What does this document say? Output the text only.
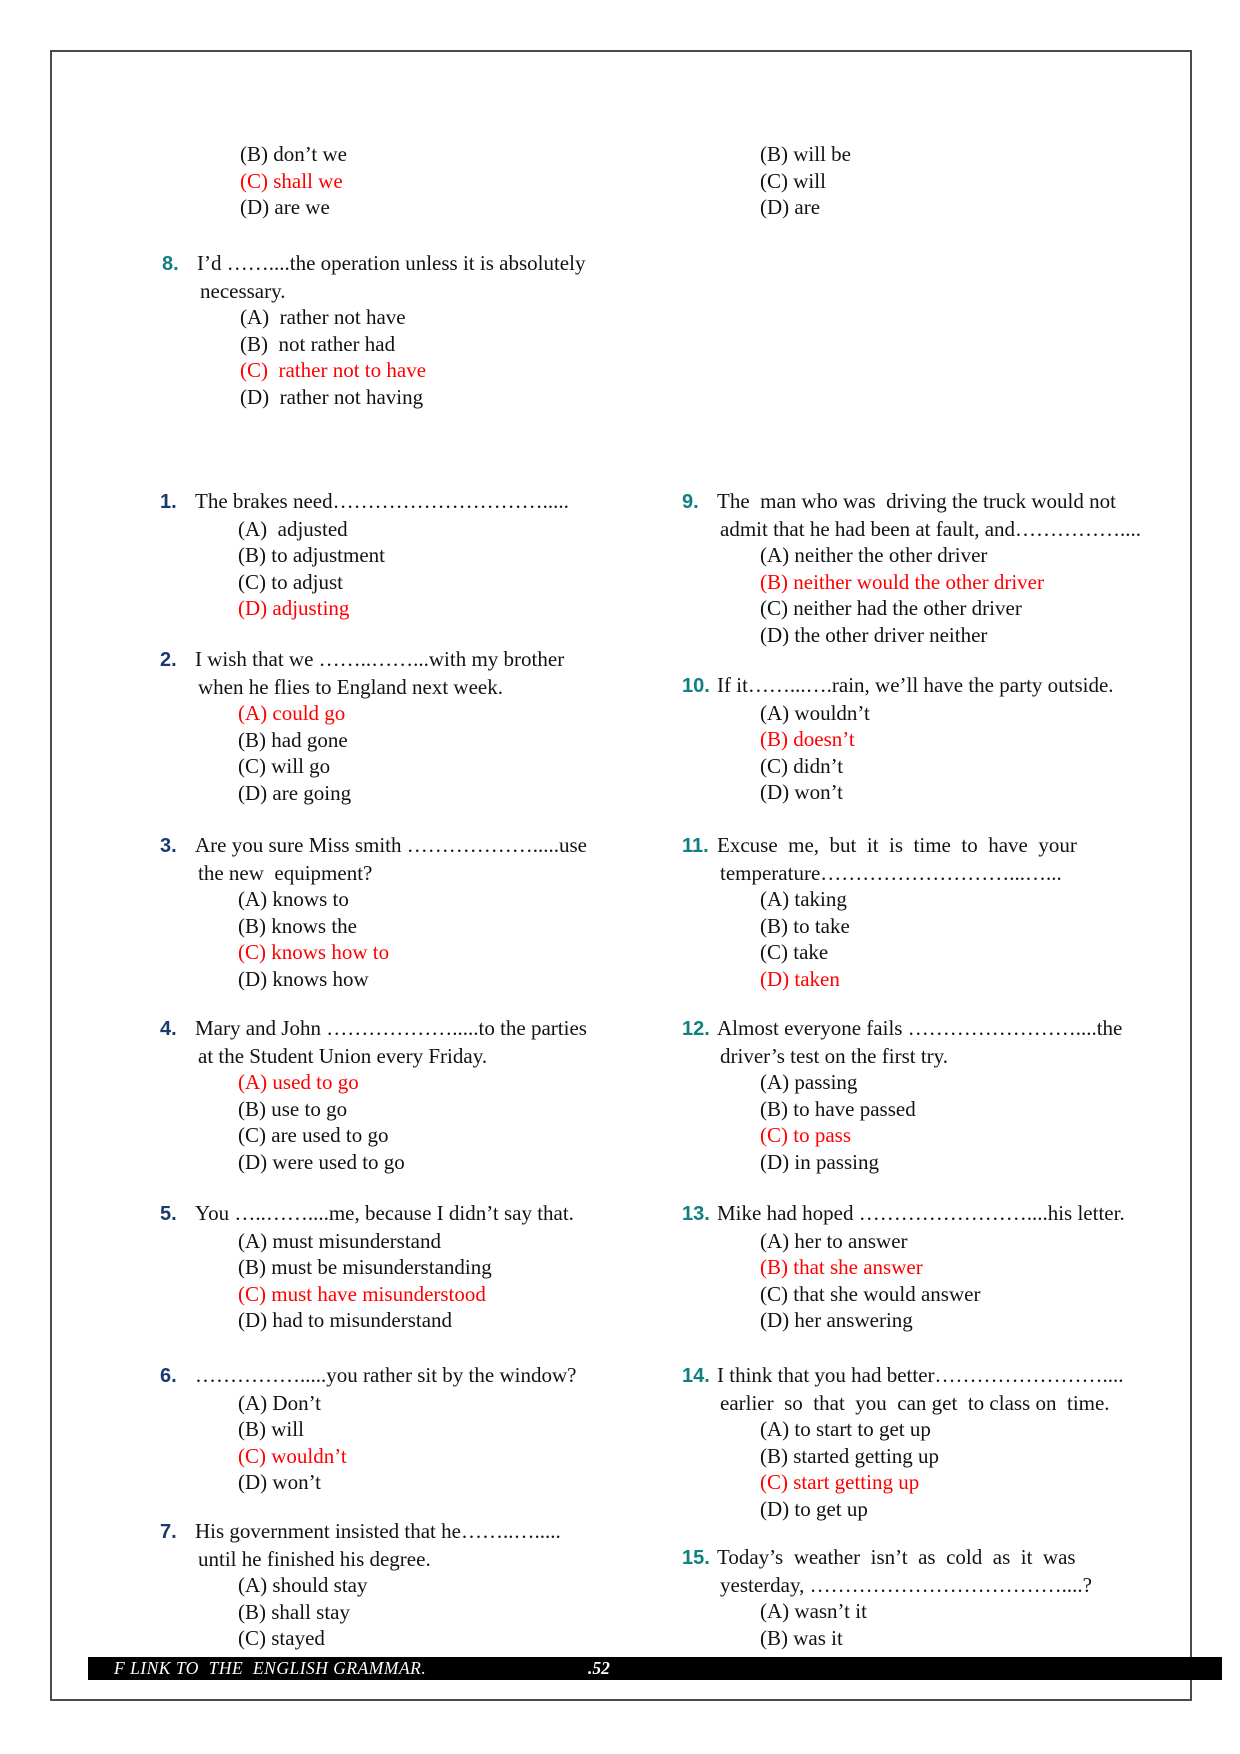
(B) don’t we
(C) shall we
(D) are we
(B) will be
(C) will
(D) are
8. I’d ……....the operation unless it is absolutely
necessary.
(A)  rather not have
(B)  not rather had
(C)  rather not to have
(D)  rather not having
1. The brakes need………………………….....
(A)  adjusted
(B) to adjustment
(C) to adjust
(D) adjusting
2. I wish that we ……..……...with my brother
when he flies to England next week.
(A) could go
(B) had gone
(C) will go
(D) are going
3. Are you sure Miss smith ……………….....use
the new  equipment?
(A) knows to
(B) knows the
(C) knows how to
(D) knows how
4. Mary and John ……………….....to the parties
at the Student Union every Friday.
(A) used to go
(B) use to go
(C) are used to go
(D) were used to go
5. You …..……....me, because I didn’t say that.
(A) must misunderstand
(B) must be misunderstanding
(C) must have misunderstood
(D) had to misunderstand
6. …………….....you rather sit by the window?
(A) Don’t
(B) will
(C) wouldn’t
(D) won’t
7. His government insisted that he……..….....
until he finished his degree.
(A) should stay
(B) shall stay
(C) stayed
9. The  man who was  driving the truck would not
admit that he had been at fault, and……………....
(A) neither the other driver
(B) neither would the other driver
(C) neither had the other driver
(D) the other driver neither
10. If it……...….rain, we’ll have the party outside.
(A) wouldn’t
(B) doesn’t
(C) didn’t
(D) won’t
11. Excuse  me,  but  it  is  time  to  have  your
temperature………………………...…...
(A) taking
(B) to take
(C) take
(D) taken
12. Almost everyone fails ……………………....the
driver’s test on the first try.
(A) passing
(B) to have passed
(C) to pass
(D) in passing
13. Mike had hoped ……………………....his letter.
(A) her to answer
(B) that she answer
(C) that she would answer
(D) her answering
14. I think that you had better……………………....
earlier  so  that  you  can get  to class on  time.
(A) to start to get up
(B) started getting up
(C) start getting up
(D) to get up
15. Today’s  weather  isn’t  as  cold  as  it  was
yesterday, ………………………………....?
(A) wasn’t it
(B) was it
F LINK TO  THE  ENGLISH GRAMMAR.	.52
